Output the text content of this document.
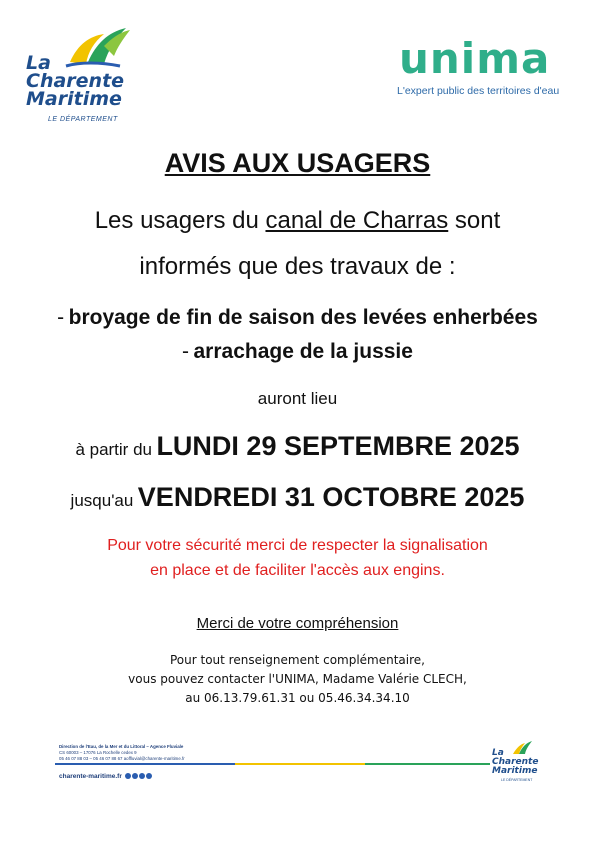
La
Charente
Maritime
LE DÉPARTEMENT
unima
L'expert public des territoires d'eau
AVIS AUX USAGERS
Les usagers du canal de Charras sont
informés que des travaux de :
- broyage de fin de saison des levées enherbées
- arrachage de la jussie
auront lieu
à partir du LUNDI 29 SEPTEMBRE 2025
jusqu'au VENDREDI 31 OCTOBRE 2025
Pour votre sécurité merci de respecter la signalisation
en place et de faciliter l'accès aux engins.
Merci de votre compréhension
Pour tout renseignement complémentaire,
vous pouvez contacter l'UNIMA, Madame Valérie CLECH,
au 06.13.79.61.31 ou 05.46.34.34.10
Direction de l'Eau, de la Mer et du Littoral – Agence Fluviale
CS 60003 – 17076 La Rochelle cedex 9
05 46 07 88 03 – 05 46 07 88 67 aoffluvial@charente-maritime.fr
charente-maritime.fr
La
Charente
Maritime
LE DÉPARTEMENT
